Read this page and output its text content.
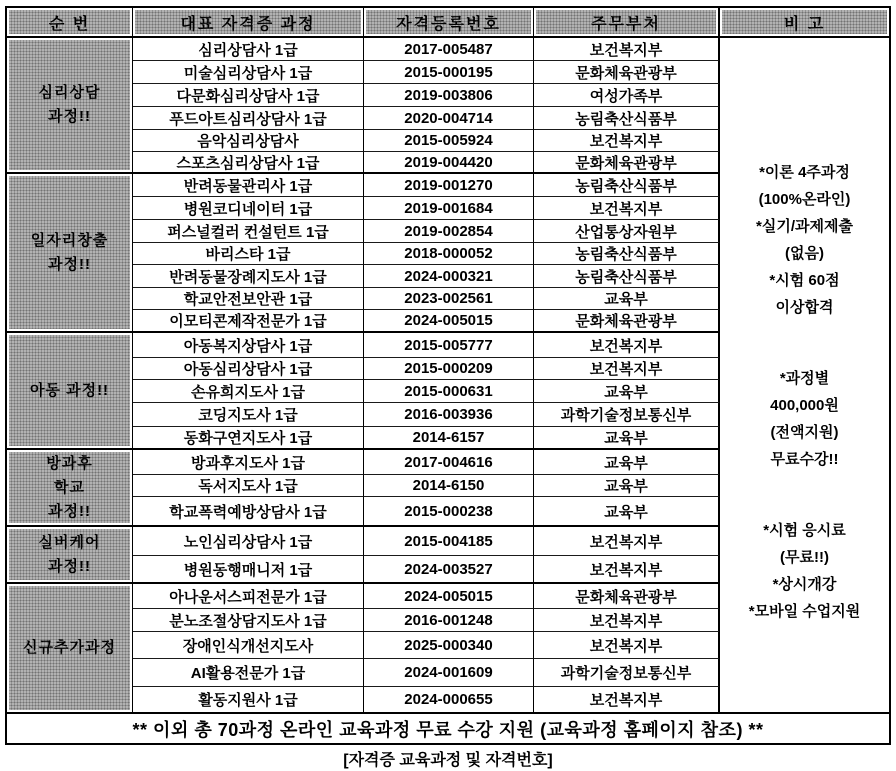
순 번	대표 자격증 과정	자격등록번호	주무부처	비 고
심리상담
과정!!
심리상담사 1급	2017-005487	보건복지부
미술심리상담사 1급	2015-000195	문화체육관광부
다문화심리상담사 1급	2019-003806	여성가족부
푸드아트심리상담사 1급	2020-004714	농림축산식품부
음악심리상담사	2015-005924	보건복지부
스포츠심리상담사 1급	2019-004420	문화체육관광부
일자리창출
과정!!
반려동물관리사 1급	2019-001270	농림축산식품부
병원코디네이터 1급	2019-001684	보건복지부
퍼스널컬러 컨설턴트 1급	2019-002854	산업통상자원부
바리스타 1급	2018-000052	농림축산식품부
반려동물장례지도사 1급	2024-000321	농림축산식품부
학교안전보안관 1급	2023-002561	교육부
이모티콘제작전문가 1급	2024-005015	문화체육관광부
아동 과정!!
아동복지상담사 1급	2015-005777	보건복지부
아동심리상담사 1급	2015-000209	보건복지부
손유희지도사 1급	2015-000631	교육부
코딩지도사 1급	2016-003936	과학기술정보통신부
동화구연지도사 1급	2014-6157	교육부
방과후
학교
과정!!
방과후지도사 1급	2017-004616	교육부
독서지도사 1급	2014-6150	교육부
학교폭력예방상담사 1급	2015-000238	교육부
실버케어
과정!!
노인심리상담사 1급	2015-004185	보건복지부
병원동행매니저 1급	2024-003527	보건복지부
신규추가과정
아나운서스피전문가 1급	2024-005015	문화체육관광부
분노조절상담지도사 1급	2016-001248	보건복지부
장애인식개선지도사	2025-000340	보건복지부
AI활용전문가 1급	2024-001609	과학기술정보통신부
활동지원사 1급	2024-000655	보건복지부
*이론 4주과정
(100%온라인)
*실기/과제제출
(없음)
*시험 60점
이상합격
*과정별
400,000원
(전액지원)
무료수강!!
*시험 응시료
(무료!!)
*상시개강
*모바일 수업지원
** 이외 총 70과정 온라인 교육과정 무료 수강 지원 (교육과정 홈페이지 참조) **
[자격증 교육과정 및 자격번호]
